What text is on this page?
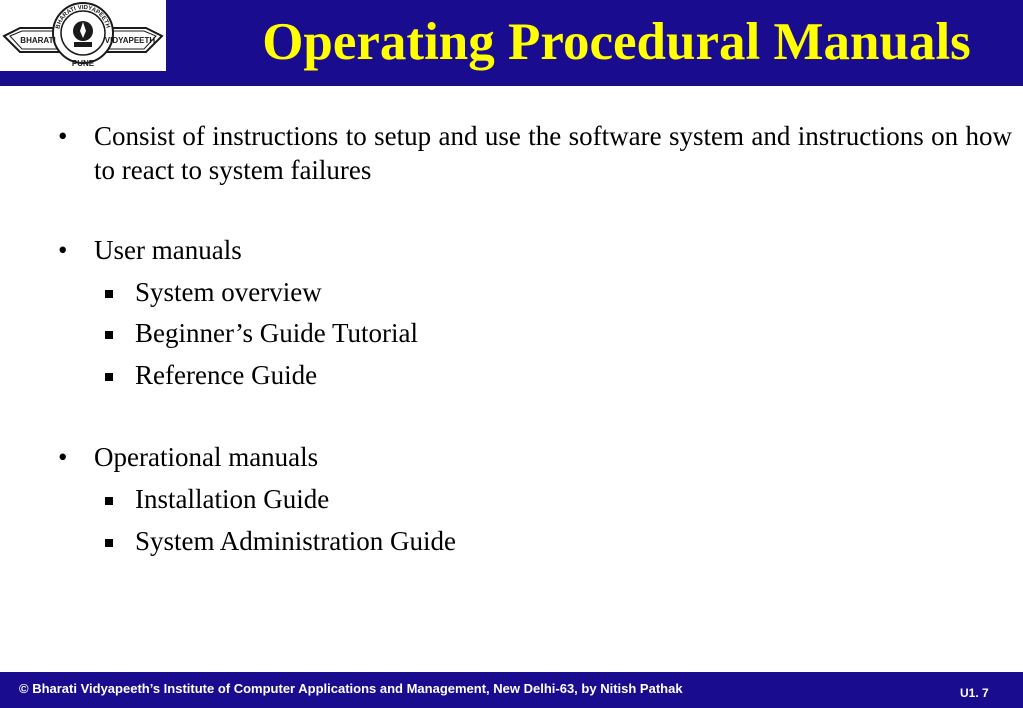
PUNE
BHARATI	VIDYAPEETH
BHARATI VIDYAPEETH	Operating Procedural Manuals
• Consist of instructions to setup and use the software system and instructions on how to react to system failures
• User manuals
System overview
Beginner’s Guide Tutorial
Reference Guide
• Operational manuals
Installation Guide
System Administration Guide
© Bharati Vidyapeeth’s Institute of Computer Applications and Management, New Delhi-63, by Nitish Pathak	U1. 7
